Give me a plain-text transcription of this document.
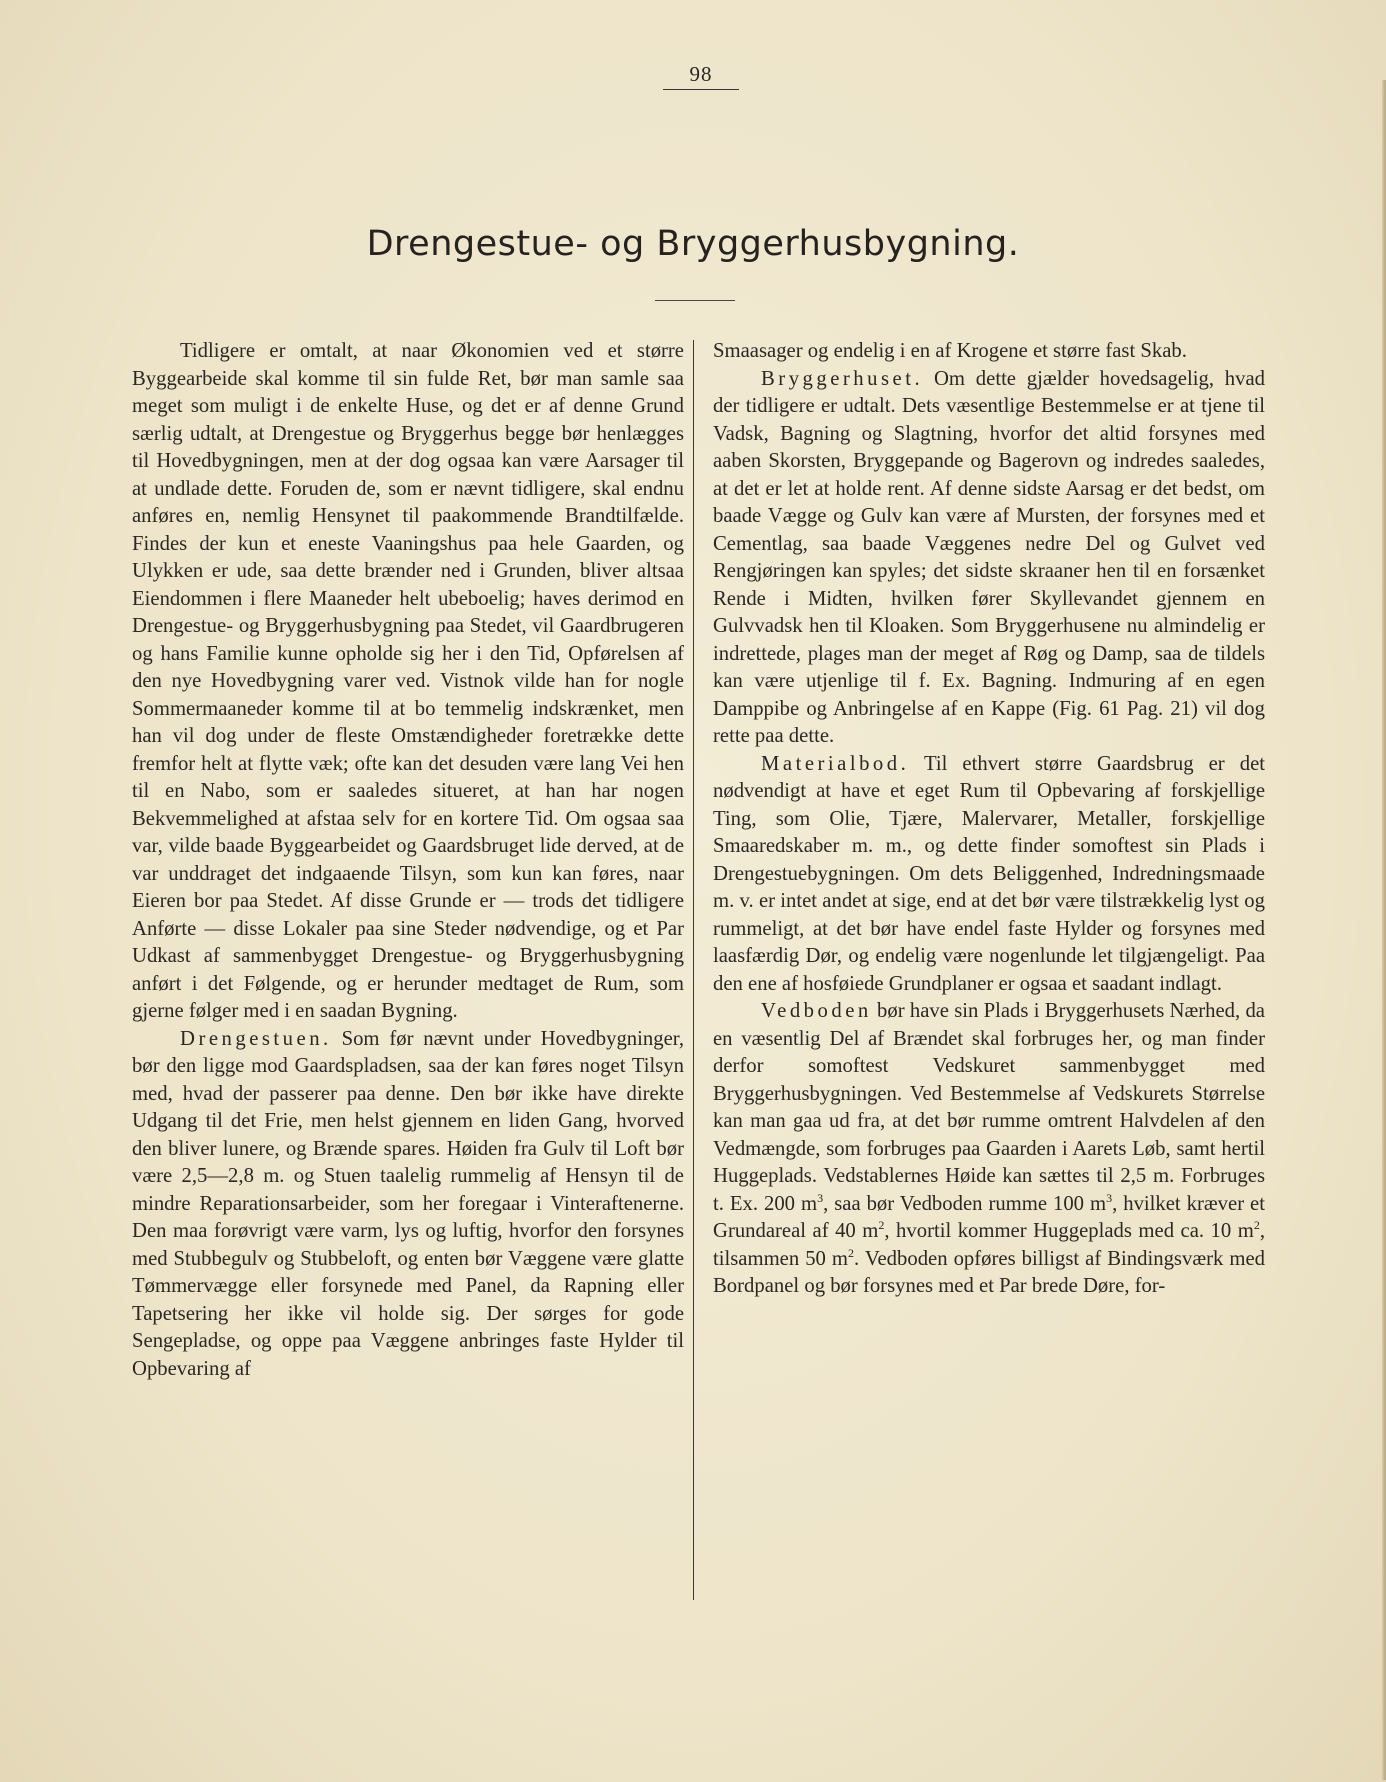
98
Drengestue- og Bryggerhusbygning.

Tidligere er omtalt, at naar Økonomien ved et større Byggearbeide skal komme til sin fulde Ret, bør man samle saa meget som muligt i de enkelte Huse, og det er af denne Grund særlig udtalt, at Drengestue og Bryggerhus begge bør henlægges til Hovedbygningen, men at der dog ogsaa kan være Aarsager til at undlade dette. Foruden de, som er nævnt tidligere, skal endnu anføres en, nemlig Hensynet til paakommende Brandtilfælde. Findes der kun et eneste Vaaningshus paa hele Gaarden, og Ulykken er ude, saa dette brænder ned i Grunden, bliver altsaa Eiendommen i flere Maaneder helt ubeboelig; haves derimod en Drengestue- og Bryggerhusbygning paa Stedet, vil Gaardbrugeren og hans Familie kunne opholde sig her i den Tid, Opførelsen af den nye Hovedbygning varer ved. Vistnok vilde han for nogle Sommermaaneder komme til at bo temmelig indskrænket, men han vil dog under de fleste Omstændigheder foretrække dette fremfor helt at flytte væk; ofte kan det desuden være lang Vei hen til en Nabo, som er saaledes situeret, at han har nogen Bekvemmelighed at afstaa selv for en kortere Tid. Om ogsaa saa var, vilde baade Byggearbeidet og Gaardsbruget lide derved, at de var unddraget det indgaaende Tilsyn, som kun kan føres, naar Eieren bor paa Stedet. Af disse Grunde er — trods det tidligere Anførte — disse Lokaler paa sine Steder nødvendige, og et Par Udkast af sammenbygget Drengestue- og Bryggerhusbygning anført i det Følgende, og er herunder medtaget de Rum, som gjerne følger med i en saadan Bygning.

Drengestuen. Som før nævnt under Hovedbygninger, bør den ligge mod Gaardspladsen, saa der kan føres noget Tilsyn med, hvad der passerer paa denne. Den bør ikke have direkte Udgang til det Frie, men helst gjennem en liden Gang, hvorved den bliver lunere, og Brænde spares. Høiden fra Gulv til Loft bør være 2,5—2,8 m. og Stuen taalelig rummelig af Hensyn til de mindre Reparationsarbeider, som her foregaar i Vinteraftenerne. Den maa forøvrigt være varm, lys og luftig, hvorfor den forsynes med Stubbegulv og Stubbeloft, og enten bør Væggene være glatte Tømmervægge eller forsynede med Panel, da Rapning eller Tapetsering her ikke vil holde sig. Der sørges for gode Sengepladse, og oppe paa Væggene anbringes faste Hylder til Opbevaring af

Smaasager og endelig i en af Krogene et større fast Skab.

Bryggerhuset. Om dette gjælder hovedsagelig, hvad der tidligere er udtalt. Dets væsentlige Bestemmelse er at tjene til Vadsk, Bagning og Slagtning, hvorfor det altid forsynes med aaben Skorsten, Bryggepande og Bagerovn og indredes saaledes, at det er let at holde rent. Af denne sidste Aarsag er det bedst, om baade Vægge og Gulv kan være af Mursten, der forsynes med et Cementlag, saa baade Væggenes nedre Del og Gulvet ved Rengjøringen kan spyles; det sidste skraaner hen til en forsænket Rende i Midten, hvilken fører Skyllevandet gjennem en Gulvvadsk hen til Kloaken. Som Bryggerhusene nu almindelig er indrettede, plages man der meget af Røg og Damp, saa de tildels kan være utjenlige til f. Ex. Bagning. Indmuring af en egen Damppibe og Anbringelse af en Kappe (Fig. 61 Pag. 21) vil dog rette paa dette.

Materialbod. Til ethvert større Gaardsbrug er det nødvendigt at have et eget Rum til Opbevaring af forskjellige Ting, som Olie, Tjære, Malervarer, Metaller, forskjellige Smaaredskaber m. m., og dette finder somoftest sin Plads i Drengestuebygningen. Om dets Beliggenhed, Indredningsmaade m. v. er intet andet at sige, end at det bør være tilstrækkelig lyst og rummeligt, at det bør have endel faste Hylder og forsynes med laasfærdig Dør, og endelig være nogenlunde let tilgjængeligt. Paa den ene af hosføiede Grundplaner er ogsaa et saadant indlagt.

Vedboden bør have sin Plads i Bryggerhusets Nærhed, da en væsentlig Del af Brændet skal forbruges her, og man finder derfor somoftest Vedskuret sammenbygget med Bryggerhusbygningen. Ved Bestemmelse af Vedskurets Størrelse kan man gaa ud fra, at det bør rumme omtrent Halvdelen af den Vedmængde, som forbruges paa Gaarden i Aarets Løb, samt hertil Huggeplads. Vedstablernes Høide kan sættes til 2,5 m. Forbruges t. Ex. 200 $m^3$, saa bør Vedboden rumme 100 $m^3$, hvilket kræver et Grundareal af 40 $m^2$, hvortil kommer Huggeplads med ca. 10 $m^2$, tilsammen 50 $m^2$. Vedboden opføres billigst af Bindingsværk med Bordpanel og bør forsynes med et Par brede Døre, for-
